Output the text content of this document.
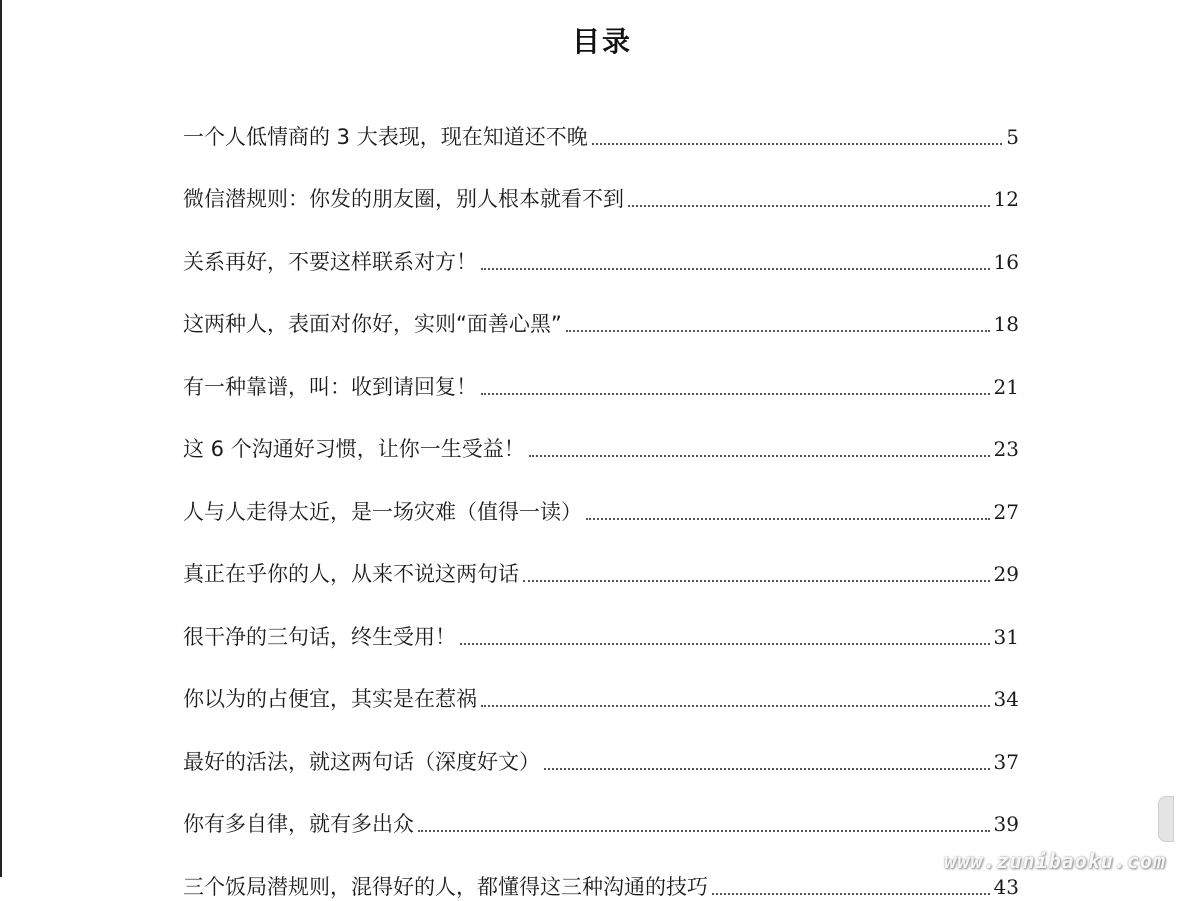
目录
一个人低情商的 3 大表现，现在知道还不晚	5
微信潜规则：你发的朋友圈，别人根本就看不到	12
关系再好，不要这样联系对方！	16
这两种人，表面对你好，实则“面善心黑”	18
有一种靠谱，叫：收到请回复！	21
这 6 个沟通好习惯，让你一生受益！	23
人与人走得太近，是一场灾难（值得一读）	27
真正在乎你的人，从来不说这两句话	29
很干净的三句话，终生受用！	31
你以为的占便宜，其实是在惹祸	34
最好的活法，就这两句话（深度好文）	37
你有多自律，就有多出众	39
三个饭局潜规则，混得好的人，都懂得这三种沟通的技巧	43
www.zunibaoku.com
